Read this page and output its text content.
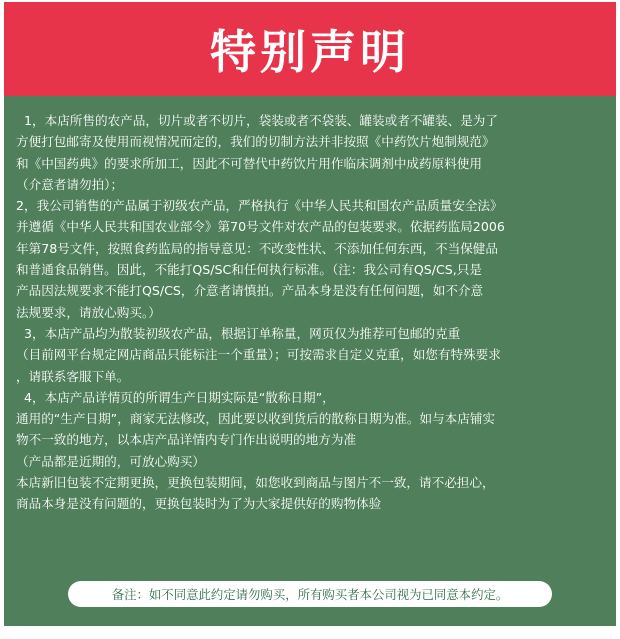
特别声明

1，本店所售的农产品，切片或者不切片，袋装或者不袋装、罐装或者不罐装、是为了

方便打包邮寄及使用而视情况而定的，我们的切制方法并非按照《中药饮片炮制规范》

和《中国药典》的要求所加工，因此不可替代中药饮片用作临床调剂中成药原料使用

（介意者请勿拍）；

2，我公司销售的产品属于初级农产品，严格执行《中华人民共和国农产品质量安全法》

并遵循《中华人民共和国农业部令》第70号文件对农产品的包装要求。依据药监局2006

年第78号文件，按照食药监局的指导意见：不改变性状、不添加任何东西，不当保健品

和普通食品销售。因此，不能打QS/SC和任何执行标准。（注：我公司有QS/CS,只是

产品因法规要求不能打QS/CS，介意者请慎拍。产品本身是没有任何问题，如不介意

法规要求，请放心购买。）

3，本店产品均为散装初级农产品，根据订单称量，网页仅为推荐可包邮的克重

（目前网平台规定网店商品只能标注一个重量）；可按需求自定义克重，如您有特殊要求

，请联系客服下单。

4，本店产品详情页的所谓生产日期实际是“散称日期”，

通用的“生产日期”，商家无法修改，因此要以收到货后的散称日期为准。如与本店铺实

物不一致的地方，以本店产品详情内专门作出说明的地方为准

（产品都是近期的，可放心购买）

本店新旧包装不定期更换，更换包装期间，如您收到商品与图片不一致，请不必担心，

商品本身是没有问题的，更换包装时为了为大家提供好的购物体验

备注：如不同意此约定请勿购买，所有购买者本公司视为已同意本约定。
